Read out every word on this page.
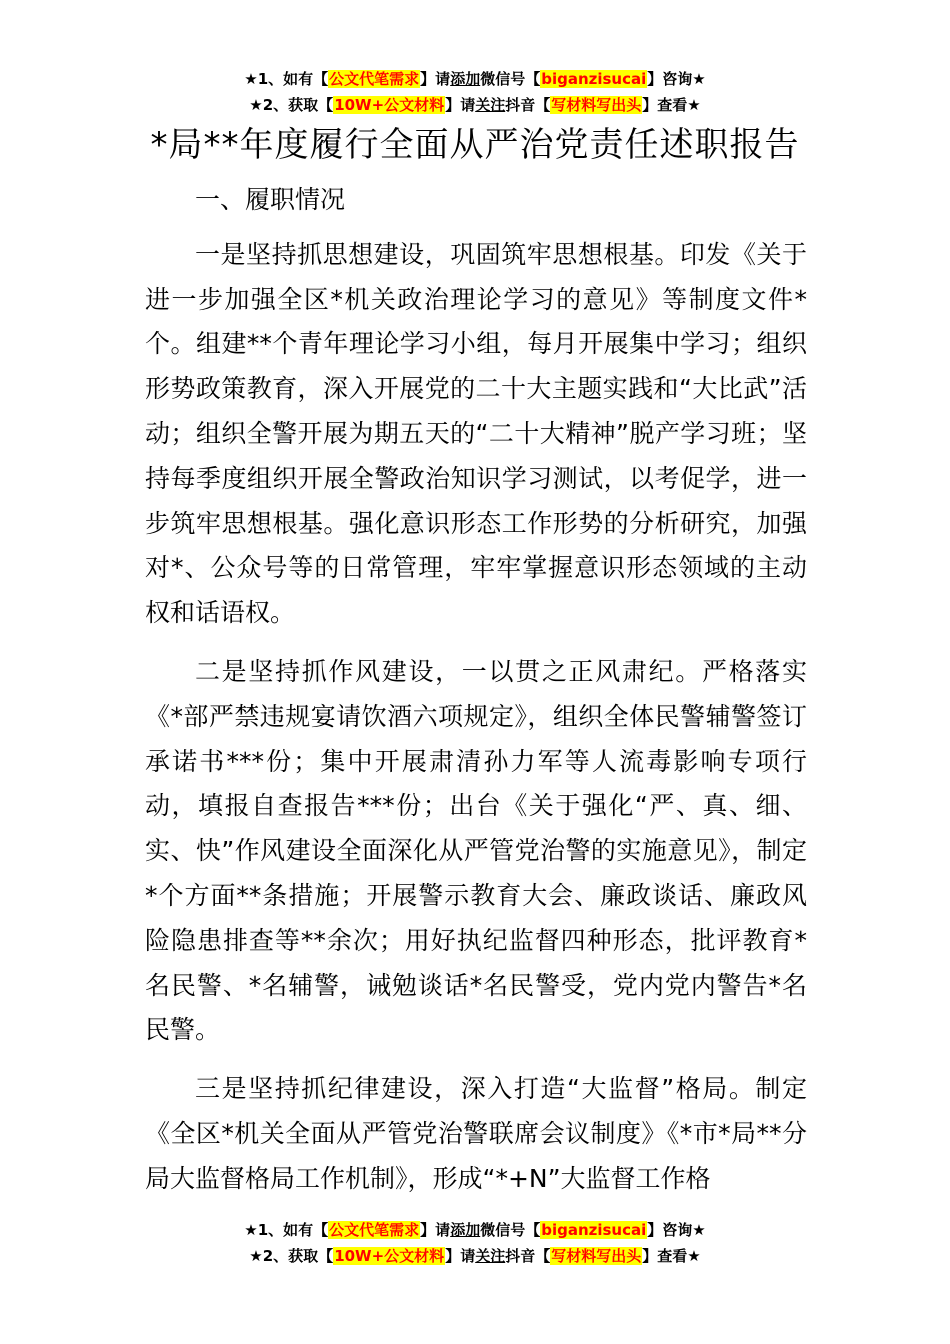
★1、如有【公文代笔需求】请添加微信号【biganzisucai】咨询★
★2、获取【10W+公文材料】请关注抖音【写材料写出头】查看★
*局**年度履行全面从严治党责任述职报告

一、履职情况

一是坚持抓思想建设，巩固筑牢思想根基。印发《关于进一步加强全区*机关政治理论学习的意见》等制度文件*个。组建**个青年理论学习小组，每月开展集中学习；组织形势政策教育，深入开展党的二十大主题实践和“大比武”活动；组织全警开展为期五天的“二十大精神”脱产学习班；坚持每季度组织开展全警政治知识学习测试，以考促学，进一步筑牢思想根基。强化意识形态工作形势的分析研究，加强对*、公众号等的日常管理，牢牢掌握意识形态领域的主动权和话语权。

二是坚持抓作风建设，一以贯之正风肃纪。严格落实《*部严禁违规宴请饮酒六项规定》，组织全体民警辅警签订承诺书***份；集中开展肃清孙力军等人流毒影响专项行动，填报自查报告***份；出台《关于强化“严、真、细、实、快”作风建设全面深化从严管党治警的实施意见》，制定*个方面**条措施；开展警示教育大会、廉政谈话、廉政风险隐患排查等**余次；用好执纪监督四种形态，批评教育*名民警、*名辅警，诫勉谈话*名民警受，党内党内警告*名民警。

三是坚持抓纪律建设，深入打造“大监督”格局。制定《全区*机关全面从严管党治警联席会议制度》《*市*局**分局大监督格局工作机制》，形成“*+N”大监督工作格

★1、如有【公文代笔需求】请添加微信号【biganzisucai】咨询★
★2、获取【10W+公文材料】请关注抖音【写材料写出头】查看★
